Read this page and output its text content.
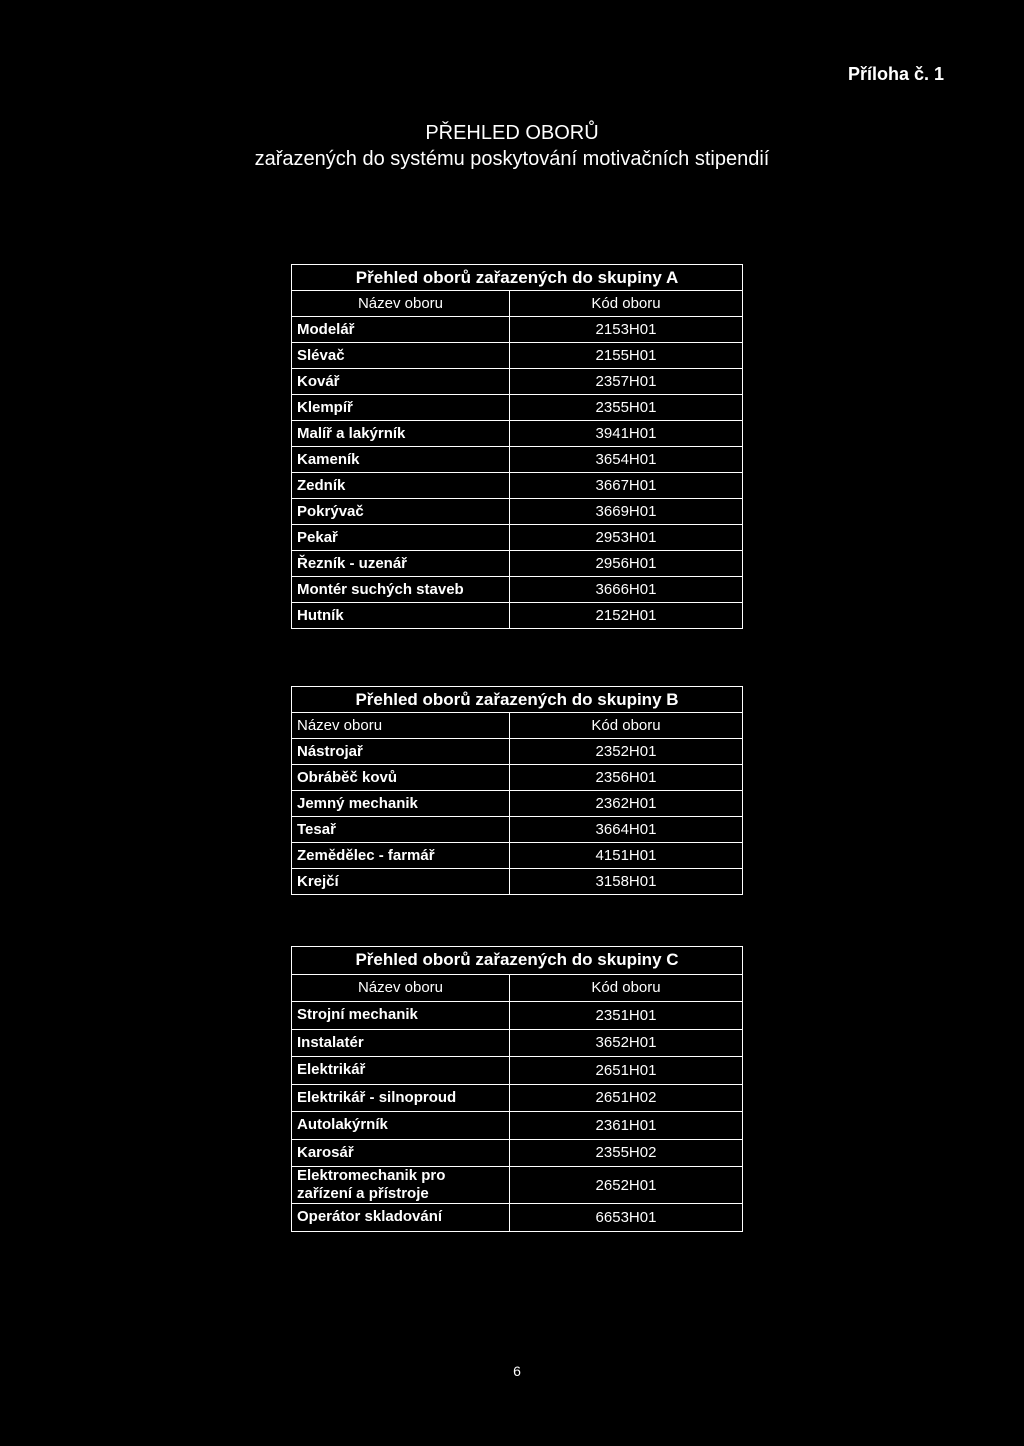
Příloha č. 1
PŘEHLED OBORŮ
zařazených do systému poskytování motivačních stipendií
Přehled oborů zařazených do skupiny A	
Název oboru	Kód oboru
Modelář	2153H01
Slévač	2155H01
Kovář	2357H01
Klempíř	2355H01
Malíř a lakýrník	3941H01
Kameník	3654H01
Zedník	3667H01
Pokrývač	3669H01
Pekař	2953H01
Řezník - uzenář	2956H01
Montér suchých staveb	3666H01
Hutník	2152H01
Přehled oborů zařazených do skupiny B	
Název oboru	Kód oboru
Nástrojař	2352H01
Obráběč kovů	2356H01
Jemný mechanik	2362H01
Tesař	3664H01
Zemědělec - farmář	4151H01
Krejčí	3158H01
Přehled oborů zařazených do skupiny C	
Název oboru	Kód oboru
Strojní mechanik	2351H01
Instalatér	3652H01
Elektrikář	2651H01
Elektrikář - silnoproud	2651H02
Autolakýrník	2361H01
Karosář	2355H02
Elektromechanik pro zařízení a přístroje	2652H01
Operátor skladování	6653H01
6
